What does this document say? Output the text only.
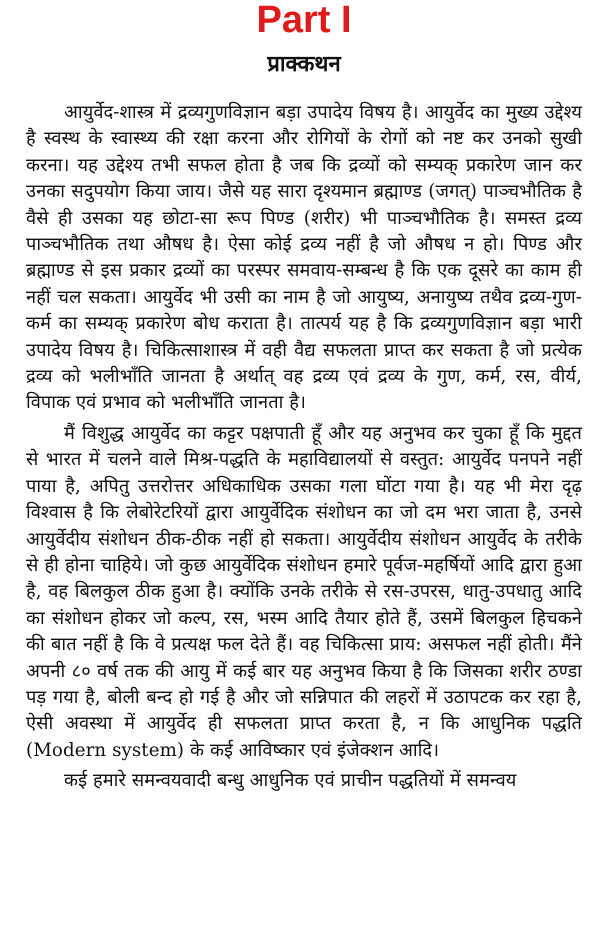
Part I
प्राक्कथन

आयुर्वेद-शास्त्र में द्रव्यगुणविज्ञान बड़ा उपादेय विषय है। आयुर्वेद का मुख्य उद्देश्य है स्वस्थ के स्वास्थ्य की रक्षा करना और रोगियों के रोगों को नष्ट कर उनको सुखी करना। यह उद्देश्य तभी सफल होता है जब कि द्रव्यों को सम्यक् प्रकारेण जान कर उनका सदुपयोग किया जाय। जैसे यह सारा दृश्यमान ब्रह्माण्ड (जगत्) पाञ्चभौतिक है वैसे ही उसका यह छोटा-सा रूप पिण्ड (शरीर) भी पाञ्चभौतिक है। समस्त द्रव्य पाञ्चभौतिक तथा औषध है। ऐसा कोई द्रव्य नहीं है जो औषध न हो। पिण्ड और ब्रह्माण्ड से इस प्रकार द्रव्यों का परस्पर समवाय-सम्बन्ध है कि एक दूसरे का काम ही नहीं चल सकता। आयुर्वेद भी उसी का नाम है जो आयुष्य, अनायुष्य तथैव द्रव्य-गुण-कर्म का सम्यक् प्रकारेण बोध कराता है। तात्पर्य यह है कि द्रव्यगुणविज्ञान बड़ा भारी उपादेय विषय है। चिकित्साशास्त्र में वही वैद्य सफलता प्राप्त कर सकता है जो प्रत्येक द्रव्य को भलीभाँति जानता है अर्थात् वह द्रव्य एवं द्रव्य के गुण, कर्म, रस, वीर्य, विपाक एवं प्रभाव को भलीभाँति जानता है।

मैं विशुद्ध आयुर्वेद का कट्टर पक्षपाती हूँ और यह अनुभव कर चुका हूँ कि मुद्दत से भारत में चलने वाले मिश्र-पद्धति के महाविद्यालयों से वस्तुत: आयुर्वेद पनपने नहीं पाया है, अपितु उत्तरोत्तर अधिकाधिक उसका गला घोंटा गया है। यह भी मेरा दृढ़ विश्वास है कि लेबोरेटरियों द्वारा आयुर्वेदिक संशोधन का जो दम भरा जाता है, उनसे आयुर्वेदीय संशोधन ठीक-ठीक नहीं हो सकता। आयुर्वेदीय संशोधन आयुर्वेद के तरीके से ही होना चाहिये। जो कुछ आयुर्वेदिक संशोधन हमारे पूर्वज-महर्षियों आदि द्वारा हुआ है, वह बिलकुल ठीक हुआ है। क्योंकि उनके तरीके से रस-उपरस, धातु-उपधातु आदि का संशोधन होकर जो कल्प, रस, भस्म आदि तैयार होते हैं, उसमें बिलकुल हिचकने की बात नहीं है कि वे प्रत्यक्ष फल देते हैं। वह चिकित्सा प्राय: असफल नहीं होती। मैंने अपनी ८० वर्ष तक की आयु में कई बार यह अनुभव किया है कि जिसका शरीर ठण्डा पड़ गया है, बोली बन्द हो गई है और जो सन्निपात की लहरों में उठापटक कर रहा है, ऐसी अवस्था में आयुर्वेद ही सफलता प्राप्त करता है, न कि आधुनिक पद्धति (Modern system) के कई आविष्कार एवं इंजेक्शन आदि।

कई हमारे समन्वयवादी बन्धु आधुनिक एवं प्राचीन पद्धतियों में समन्वय
